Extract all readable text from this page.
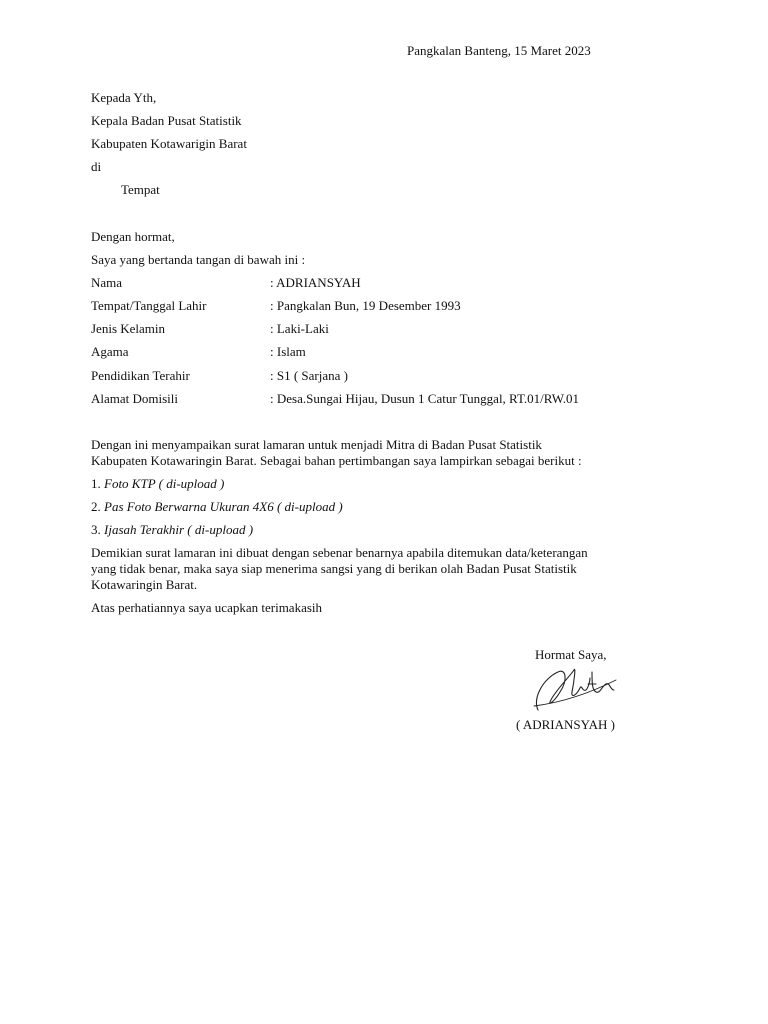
Pangkalan Banteng, 15 Maret 2023
Kepada Yth,
Kepala Badan Pusat Statistik
Kabupaten Kotawarigin Barat
di
Tempat
Dengan hormat,
Saya yang bertanda tangan di bawah ini :
Nama	: ADRIANSYAH
Tempat/Tanggal Lahir	: Pangkalan Bun, 19 Desember 1993
Jenis Kelamin	: Laki-Laki
Agama	: Islam
Pendidikan Terahir	: S1 ( Sarjana )
Alamat Domisili	: Desa.Sungai Hijau, Dusun 1 Catur Tunggal, RT.01/RW.01
Dengan ini menyampaikan surat lamaran untuk menjadi Mitra di Badan Pusat Statistik
Kabupaten Kotawaringin Barat. Sebagai bahan pertimbangan saya lampirkan sebagai berikut :
1. Foto KTP ( di-upload )
2. Pas Foto Berwarna Ukuran 4X6 ( di-upload )
3. Ijasah Terakhir ( di-upload )
Demikian surat lamaran ini dibuat dengan sebenar benarnya apabila ditemukan data/keterangan
yang tidak benar, maka saya siap menerima sangsi yang di berikan olah Badan Pusat Statistik
Kotawaringin Barat.
Atas perhatiannya saya ucapkan terimakasih
Hormat Saya,
( ADRIANSYAH )
